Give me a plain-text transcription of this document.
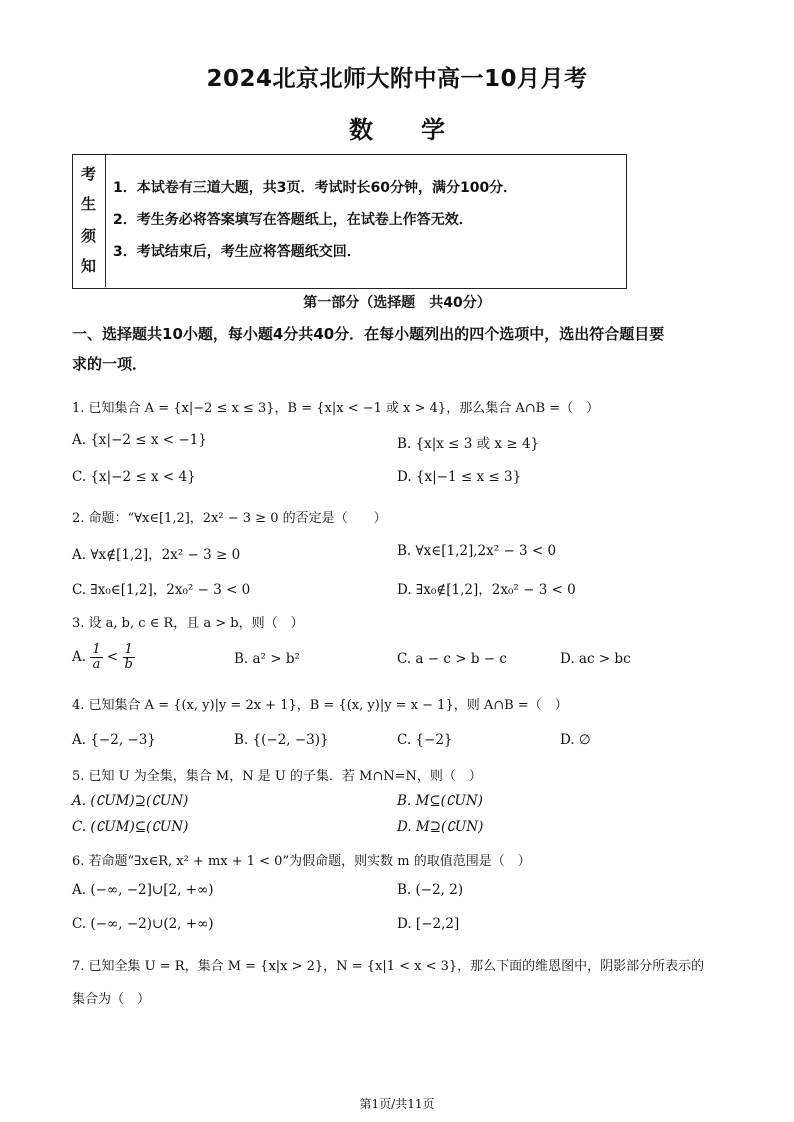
2024北京北师大附中高一10月月考
数　　学
考
生
须
知
1．本试卷有三道大题，共3页．考试时长60分钟，满分100分．
2．考生务必将答案填写在答题纸上，在试卷上作答无效．
3．考试结束后，考生应将答题纸交回．
第一部分（选择题　共40分）
一、选择题共10小题，每小题4分共40分．在每小题列出的四个选项中，选出符合题目要
求的一项．
1. 已知集合 A = {x|−2 ≤ x ≤ 3}，B = {x|x < −1 或 x > 4}，那么集合 A∩B =（　）
A. {x|−2 ≤ x < −1}	B. {x|x ≤ 3 或 x ≥ 4}
C. {x|−2 ≤ x < 4}	D. {x|−1 ≤ x ≤ 3}
2. 命题：“∀x∈[1,2]，2x² − 3 ≥ 0 的否定是（　　）
A. ∀x∉[1,2]，2x² − 3 ≥ 0	B. ∀x∈[1,2],2x² − 3 < 0
C. ∃x₀∈[1,2]，2x₀² − 3 < 0	D. ∃x₀∉[1,2]，2x₀² − 3 < 0
3. 设 a, b, c ∈ R，且 a > b，则（　）
A. $\frac{1}{a} < \frac{1}{b}$	B. a² > b²	C. a − c > b − c	D. ac > bc
4. 已知集合 A = {(x, y)|y = 2x + 1}，B = {(x, y)|y = x − 1}，则 A∩B =（　）
A. {−2, −3}	B. {(−2, −3)}	C. {−2}	D. ∅
5. 已知 U 为全集，集合 M，N 是 U 的子集．若 M∩N=N，则（　）
A. (∁UM)⊇(∁UN)	B. M⊆(∁UN)
C. (∁UM)⊆(∁UN)	D. M⊇(∁UN)
6. 若命题“∃x∈R, x² + mx + 1 < 0”为假命题，则实数 m 的取值范围是（　）
A. (−∞, −2]∪[2, +∞)	B. (−2, 2)
C. (−∞, −2)∪(2, +∞)	D. [−2,2]
7. 已知全集 U = R，集合 M = {x|x > 2}，N = {x|1 < x < 3}，那么下面的维恩图中，阴影部分所表示的
集合为（　）
第1页/共11页
